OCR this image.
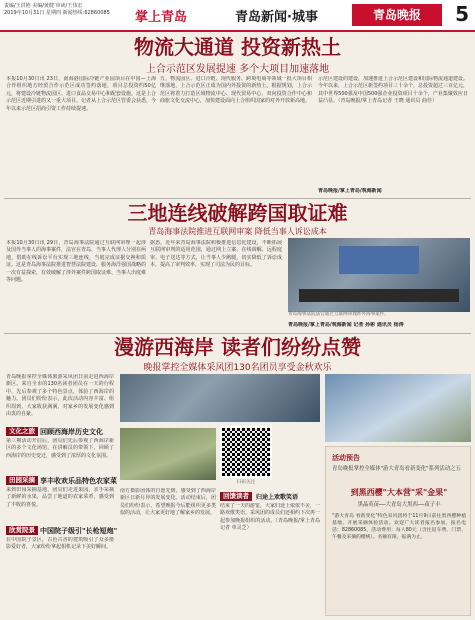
责编/王洪艳 美编/黄健 审读/王伟宏
2019年10月31日 星期四 新闻热线:62860085	掌上青岛	青岛新闻·城事	青岛晚报	5
物流大通道 投资新热土
上合示范区发展提速 多个大项目加速落地
本报10月30日讯 23日，南海港国际冷链产业园项目在中国—上海合作组织地方经贸合作示范区成功签约落地，项目总投资约50亿元，将建设冷链物流园区、进口食品交易中心和配套设施。这是上合示范区近期引进的又一重大项目。记者从上合示范区管委会获悉，今年以来示范区招商引资工作持续提速。
万，物流园区、进口冷链、现代服务、跨境电商等领域一批大项目相继落地，上合示范区正成为国内外投资的新热土。根据规划，上合示范区将着力打造区域物流中心、现代贸易中心、双向投资合作中心和商旅文化交流中心，加快建设面向上合组织国家的对外开放新高地。
示范区建设的建设，加速推进上合示范区建设和国际物流通道建设。今年以来，上合示范区新签约项目三十余个，总投资超过三百亿元，其中世界500强及中国500强企业投资项目十余个，产业集聚效应日益凸显。（青岛晚报/掌上青岛记者 王晓 通讯员 曲佳）
青岛晚报/掌上青岛/观海新闻
三地连线破解跨国取证难
青岛海事法院推进互联网审案 降低当事人诉讼成本
本报10月30日讯 29日，青岛海事法院通过互联网审理一起涉及国外当事人的海事案件，法官在青岛、当事人代理人分别在两地，借助在线诉讼平台实现三地连线，当庭完成证据交换和质证。这是青岛海事法院推进智慧法院建设、服务海洋强国战略的一次有益探索，有效破解了涉外案件跨国取证难、当事人出庭难等问题。
据悉，近年来青岛海事法院积极推进信息化建设，不断拓展互联网审判的适用范围，通过网上立案、在线调解、远程庭审、电子送达等方式，让当事人少跑腿，切实降低了诉讼成本，提高了审判效率，实现了司法为民的目标。
青岛海事法院法官通过互联网审理涉外海事案件。
青岛晚报/掌上青岛/观海新闻 记者 孙彬 通讯员 杨涛
漫游西海岸 读者们纷纷点赞
晚报掌控全媒体采风团130名团员享受金秋欢乐
青岛晚报掌控全媒体旅游采风团日前走进西海岸新区。来自全市的130名读者团员在一天的行程中，先后参观了多个特色景点，体验了西海岸的魅力。团员们纷纷表示，此次活动内容丰富、组织周到，大家收获满满，对家乡的发展变化感到由衷的自豪。
文化之旅 回顾西海岸历史文化
第三期活动开启后，团员们先后参观了西海岸新区的多个文化场馆，在讲解员的带领下，回顾了西海岸的历史变迁，感受到了浓厚的文化氛围。
田园采摘 享丰收欢乐品特色农家菜
来到田园采摘基地，团员们走进果园，亲手采摘了新鲜的水果，品尝了地道的农家菜肴，感受到了丰收的喜悦。
欣赏院景 中国院子级引"长枪短炮"
在中国院子景区，古色古香的建筑吸引了众多摄影爱好者，大家纷纷拿起相机记录下美好瞬间。
扫码关注
南方摄影团体的自愿先到，感受到了西海岸新区日新月异的发展变化。活动结束后，团员们纷纷表示，希望晚报今后能组织更多类似的活动，让大家更好地了解家乡的发展。
回馈读者	归途上欢歌笑语
结束了一天的游览，大家归途上依依不舍，一路欢歌笑语。采风团的成员们还相约下次再一起参加晚报组织的活动。（青岛晚报/掌上青岛记者 单灵芝）
活动预告
青岛晚报掌控全媒体"游大青岛看新变化"系列活动之五
到黑西樱"大本营"采"金果"
黑晶英苗──大青岛大黑西──苗子丰
"游大青岛 看新变化"特色采风团将于11月9日前往黑西樱种植基地，开展采摘体验活动。欢迎广大读者报名参加，报名电话：82860085。活动费用：每人80元（含往返车费、门票、午餐及采摘的樱桃）。名额有限，报满为止。
